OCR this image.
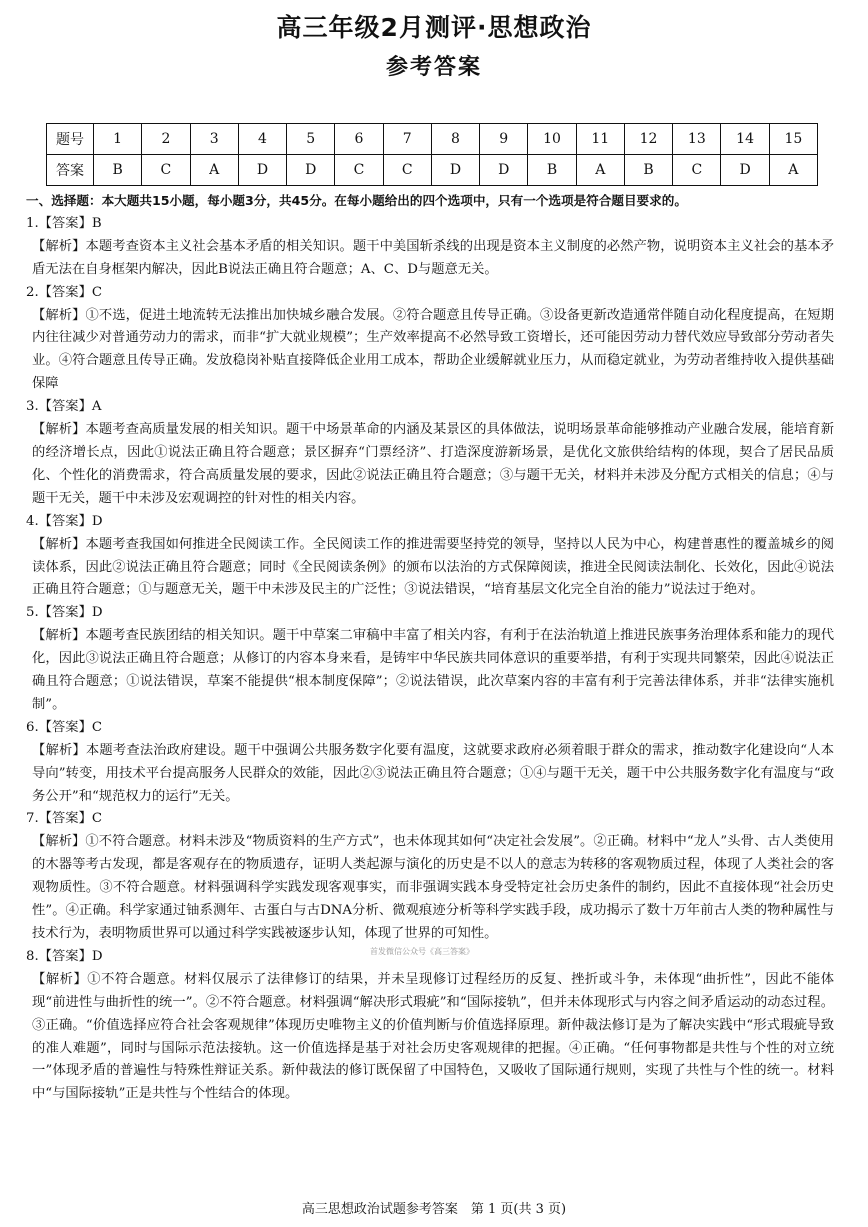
高三年级2月测评·思想政治
参考答案
题号	1	2	3	4	5	6	7	8	9	10	11	12	13	14	15
答案	B	C	A	D	D	C	C	D	D	B	A	B	C	D	A

一、选择题：本大题共15小题，每小题3分，共45分。在每小题给出的四个选项中，只有一个选项是符合题目要求的。

1.【答案】B

【解析】本题考查资本主义社会基本矛盾的相关知识。题干中美国斩杀线的出现是资本主义制度的必然产物，说明资本主义社会的基本矛盾无法在自身框架内解决，因此B说法正确且符合题意；A、C、D与题意无关。

2.【答案】C

【解析】①不选，促进土地流转无法推出加快城乡融合发展。②符合题意且传导正确。③设备更新改造通常伴随自动化程度提高，在短期内往往减少对普通劳动力的需求，而非“扩大就业规模”；生产效率提高不必然导致工资增长，还可能因劳动力替代效应导致部分劳动者失业。④符合题意且传导正确。发放稳岗补贴直接降低企业用工成本，帮助企业缓解就业压力，从而稳定就业，为劳动者维持收入提供基础保障

3.【答案】A

【解析】本题考查高质量发展的相关知识。题干中场景革命的内涵及某景区的具体做法，说明场景革命能够推动产业融合发展，能培育新的经济增长点，因此①说法正确且符合题意；景区摒弃“门票经济”、打造深度游新场景，是优化文旅供给结构的体现，契合了居民品质化、个性化的消费需求，符合高质量发展的要求，因此②说法正确且符合题意；③与题干无关，材料并未涉及分配方式相关的信息；④与题干无关，题干中未涉及宏观调控的针对性的相关内容。

4.【答案】D

【解析】本题考查我国如何推进全民阅读工作。全民阅读工作的推进需要坚持党的领导，坚持以人民为中心，构建普惠性的覆盖城乡的阅读体系，因此②说法正确且符合题意；同时《全民阅读条例》的颁布以法治的方式保障阅读，推进全民阅读法制化、长效化，因此④说法正确且符合题意；①与题意无关，题干中未涉及民主的广泛性；③说法错误，“培育基层文化完全自治的能力”说法过于绝对。

5.【答案】D

【解析】本题考查民族团结的相关知识。题干中草案二审稿中丰富了相关内容，有利于在法治轨道上推进民族事务治理体系和能力的现代化，因此③说法正确且符合题意；从修订的内容本身来看，是铸牢中华民族共同体意识的重要举措，有利于实现共同繁荣，因此④说法正确且符合题意；①说法错误，草案不能提供“根本制度保障”；②说法错误，此次草案内容的丰富有利于完善法律体系，并非“法律实施机制”。

6.【答案】C

【解析】本题考查法治政府建设。题干中强调公共服务数字化要有温度，这就要求政府必须着眼于群众的需求，推动数字化建设向“人本导向”转变，用技术平台提高服务人民群众的效能，因此②③说法正确且符合题意；①④与题干无关，题干中公共服务数字化有温度与“政务公开”和“规范权力的运行”无关。

7.【答案】C

【解析】①不符合题意。材料未涉及“物质资料的生产方式”，也未体现其如何“决定社会发展”。②正确。材料中“龙人”头骨、古人类使用的木器等考古发现，都是客观存在的物质遗存，证明人类起源与演化的历史是不以人的意志为转移的客观物质过程，体现了人类社会的客观物质性。③不符合题意。材料强调科学实践发现客观事实，而非强调实践本身受特定社会历史条件的制约，因此不直接体现“社会历史性”。④正确。科学家通过铀系测年、古蛋白与古DNA分析、微观痕迹分析等科学实践手段，成功揭示了数十万年前古人类的物种属性与技术行为，表明物质世界可以通过科学实践被逐步认知，体现了世界的可知性。

8.【答案】D

【解析】①不符合题意。材料仅展示了法律修订的结果，并未呈现修订过程经历的反复、挫折或斗争，未体现“曲折性”，因此不能体现“前进性与曲折性的统一”。②不符合题意。材料强调“解决形式瑕疵”和“国际接轨”，但并未体现形式与内容之间矛盾运动的动态过程。③正确。“价值选择应符合社会客观规律”体现历史唯物主义的价值判断与价值选择原理。新仲裁法修订是为了解决实践中“形式瑕疵导致的准人难题”，同时与国际示范法接轨。这一价值选择是基于对社会历史客观规律的把握。④正确。“任何事物都是共性与个性的对立统一”体现矛盾的普遍性与特殊性辩证关系。新仲裁法的修订既保留了中国特色，又吸收了国际通行规则，实现了共性与个性的统一。材料中“与国际接轨”正是共性与个性结合的体现。

首发微信公众号《高三答案》
高三思想政治试题参考答案　第 1 页(共 3 页)
